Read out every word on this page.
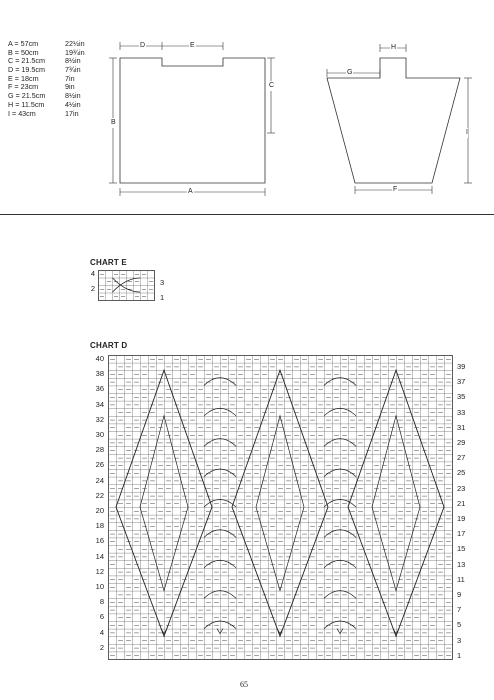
A = 57cm	22½in
B = 50cm	19¾in
C = 21.5cm	8½in
D = 19.5cm	7¾in
E = 18cm	7in
F = 23cm	9in
G = 21.5cm	8½in
H = 11.5cm	4½in
I = 43cm	17in
D	E
C
B
A
H
G
I
F
CHART E
4
2
3
1
CHART D
40
38
36
34
32
30
28
26
24
22
20
18
16
14
12
10
8
6
4
2
39
37
35
33
31
29
27
25
23
21
19
17
15
13
11
9
7
5
3
1
65
